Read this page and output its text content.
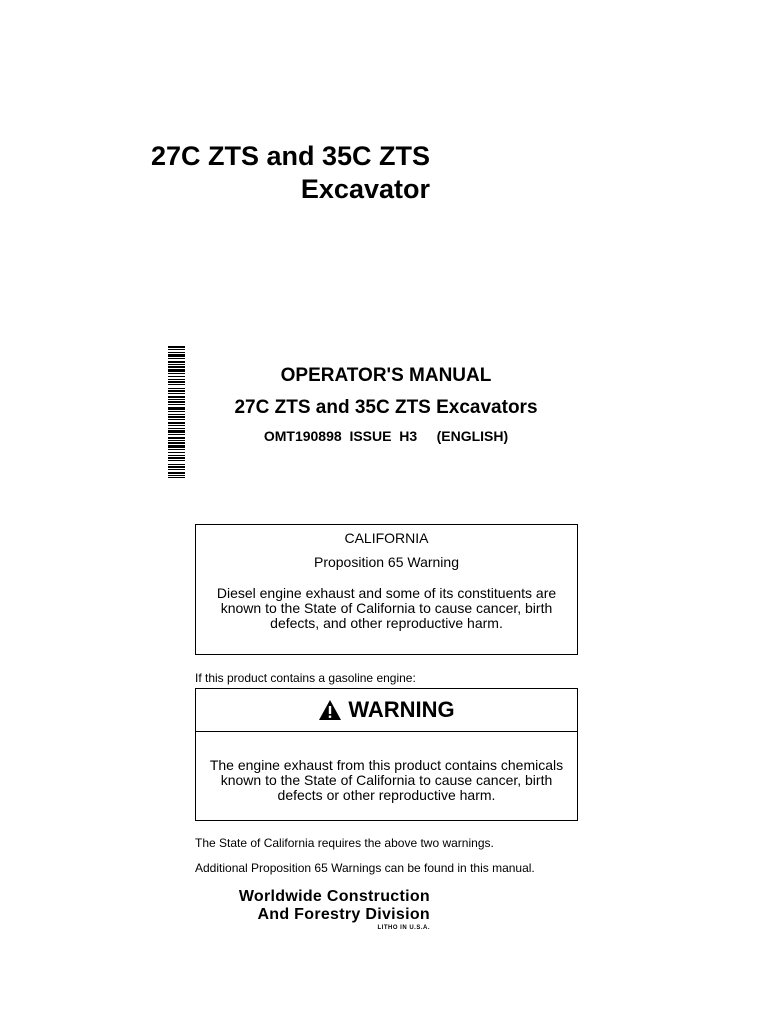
27C ZTS and 35C ZTS
Excavator
OPERATOR'S MANUAL
27C ZTS and 35C ZTS Excavators
OMT190898  ISSUE  H3     (ENGLISH)
CALIFORNIA
Proposition 65 Warning
Diesel engine exhaust and some of its constituents are known to the State of California to cause cancer, birth defects, and other reproductive harm.
If this product contains a gasoline engine:
WARNING
The engine exhaust from this product contains chemicals known to the State of California to cause cancer, birth defects or other reproductive harm.
The State of California requires the above two warnings.
Additional Proposition 65 Warnings can be found in this manual.
Worldwide Construction
And Forestry Division
LITHO IN U.S.A.
